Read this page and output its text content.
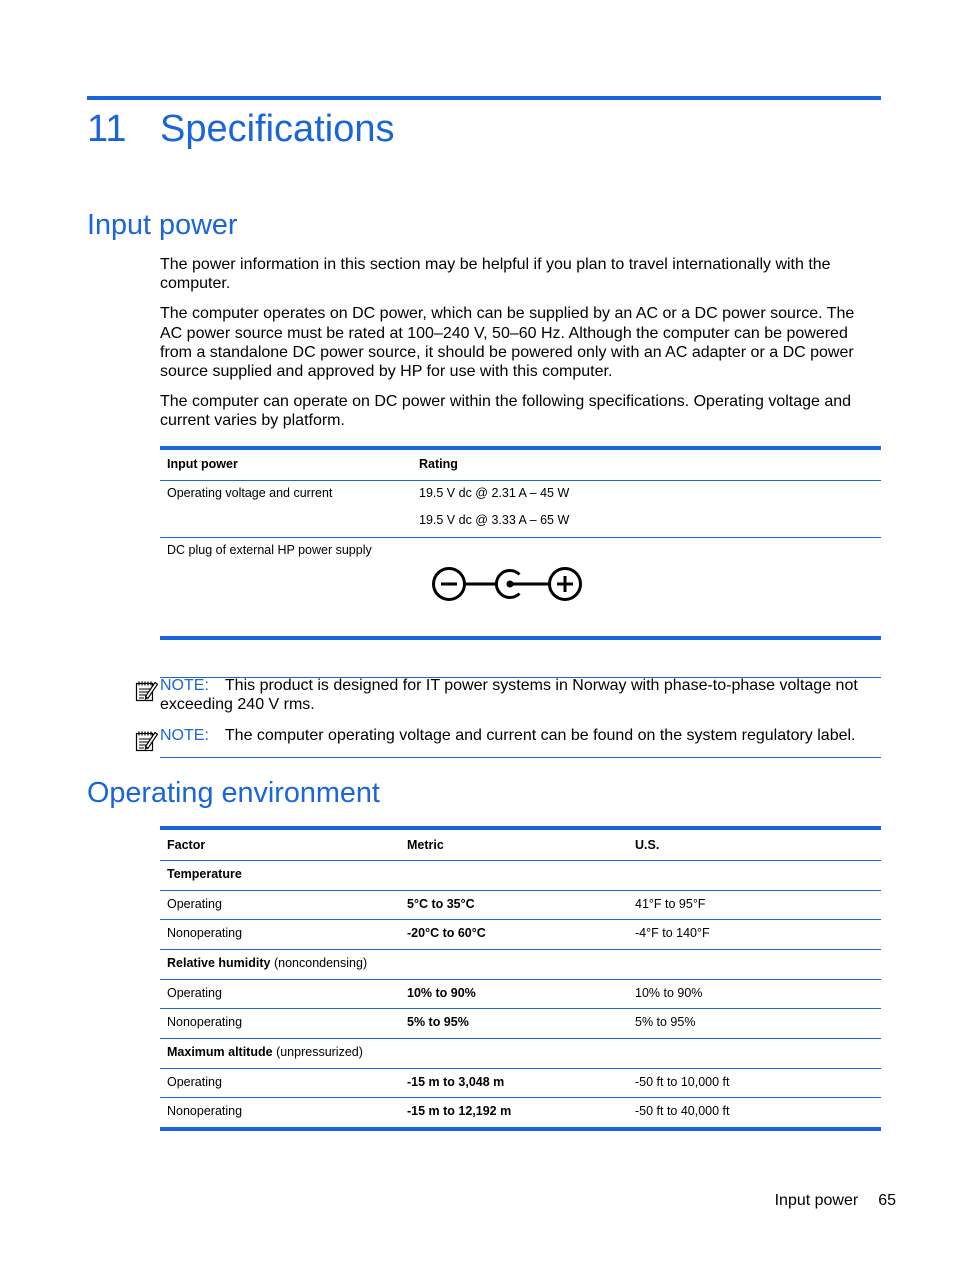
11 Specifications
Input power

The power information in this section may be helpful if you plan to travel internationally with the computer.

The computer operates on DC power, which can be supplied by an AC or a DC power source. The AC power source must be rated at 100–240 V, 50–60 Hz. Although the computer can be powered from a standalone DC power source, it should be powered only with an AC adapter or a DC power source supplied and approved by HP for use with this computer.

The computer can operate on DC power within the following specifications. Operating voltage and current varies by platform.

Input power	Rating
Operating voltage and current	19.5 V dc @ 2.31 A – 45 W
19.5 V dc @ 3.33 A – 65 W
DC plug of external HP power supply

NOTE: This product is designed for IT power systems in Norway with phase-to-phase voltage not exceeding 240 V rms.

NOTE: The computer operating voltage and current can be found on the system regulatory label.

Operating environment
Factor	Metric	U.S.
Temperature
Operating	5°C to 35°C	41°F to 95°F
Nonoperating	-20°C to 60°C	-4°F to 140°F
Relative humidity (noncondensing)
Operating	10% to 90%	10% to 90%
Nonoperating	5% to 95%	5% to 95%
Maximum altitude (unpressurized)
Operating	-15 m to 3,048 m	-50 ft to 10,000 ft
Nonoperating	-15 m to 12,192 m	-50 ft to 40,000 ft
Input power 65
